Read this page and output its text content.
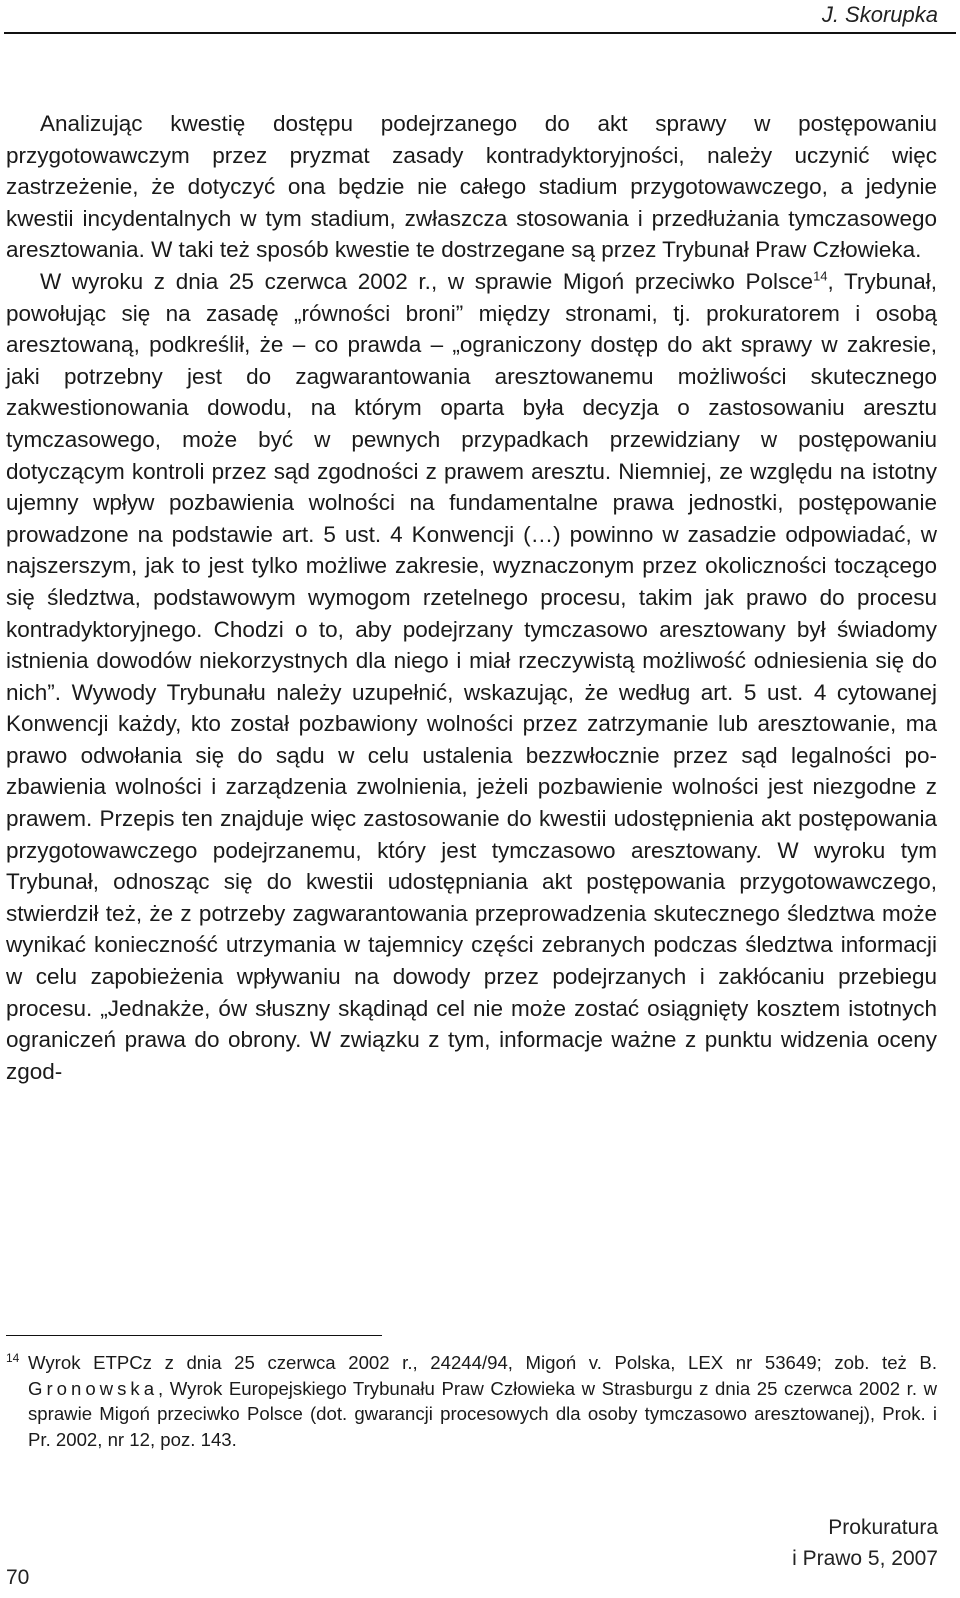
J. Skorupka

Analizując kwestię dostępu podejrzanego do akt sprawy w postępowaniu przygotowawczym przez pryzmat zasady kontradyktoryjności, należy uczynić więc zastrzeżenie, że dotyczyć ona będzie nie całego stadium przygotowawczego, a jedynie kwestii incydentalnych w tym stadium, zwłaszcza stosowania i przedłużania tymczasowego aresztowania. W taki też sposób kwestie te dostrzegane są przez Trybunał Praw Człowieka.

W wyroku z dnia 25 czerwca 2002 r., w sprawie Migoń przeciwko Polsce$^{14}$, Trybunał, powołując się na zasadę „równości broni” między stronami, tj. prokuratorem i osobą aresztowaną, podkreślił, że – co prawda – „ograniczony dostęp do akt sprawy w zakresie, jaki potrzebny jest do zagwarantowania aresztowanemu możliwości skutecznego zakwestionowania dowodu, na którym oparta była decyzja o zastosowaniu aresztu tymczasowego, może być w pewnych przypadkach przewidziany w postępowaniu dotyczącym kontroli przez sąd zgodności z prawem aresztu. Niemniej, ze względu na istotny ujemny wpływ pozbawienia wolności na fundamentalne prawa jednostki, postępowanie prowadzone na podstawie art. 5 ust. 4 Konwencji (…) powinno w zasadzie odpowiadać, w najszerszym, jak to jest tylko możliwe zakresie, wyznaczonym przez okoliczności toczącego się śledztwa, podstawowym wymogom rzetelnego procesu, takim jak prawo do procesu kontradyktoryjnego. Chodzi o to, aby podejrzany tymczasowo aresztowany był świadomy istnienia dowodów niekorzystnych dla niego i miał rzeczywistą możliwość odniesienia się do nich”. Wywody Trybunału należy uzupełnić, wskazując, że według art. 5 ust. 4 cytowanej Konwencji każdy, kto został pozbawiony wolności przez zatrzymanie lub aresztowanie, ma prawo odwołania się do sądu w celu ustalenia bezzwłocznie przez sąd legalności pozbawienia wolności i zarządzenia zwolnienia, jeżeli pozbawienie wolności jest niezgodne z prawem. Przepis ten znajduje więc zastosowanie do kwestii udostępnienia akt postępowania przygotowawczego podejrzanemu, który jest tymczasowo aresztowany. W wyroku tym Trybunał, odnosząc się do kwestii udostępniania akt postępowania przygotowawczego, stwierdził też, że z potrzeby zagwarantowania przeprowadzenia skutecznego śledztwa może wynikać konieczność utrzymania w tajemnicy części zebranych podczas śledztwa informacji w celu zapobieżenia wpływaniu na dowody przez podejrzanych i zakłócaniu przebiegu procesu. „Jednakże, ów słuszny skądinąd cel nie może zostać osiągnięty kosztem istotnych ograniczeń prawa do obrony. W związku z tym, informacje ważne z punktu widzenia oceny zgod-

14 Wyrok ETPCz z dnia 25 czerwca 2002 r., 24244/94, Migoń v. Polska, LEX nr 53649; zob. też B. Gronowska, Wyrok Europejskiego Trybunału Praw Człowieka w Strasburgu z dnia 25 czerwca 2002 r. w sprawie Migoń przeciwko Polsce (dot. gwarancji procesowych dla osoby tymczasowo aresztowanej), Prok. i Pr. 2002, nr 12, poz. 143.

70
Prokuratura
i Prawo 5, 2007
